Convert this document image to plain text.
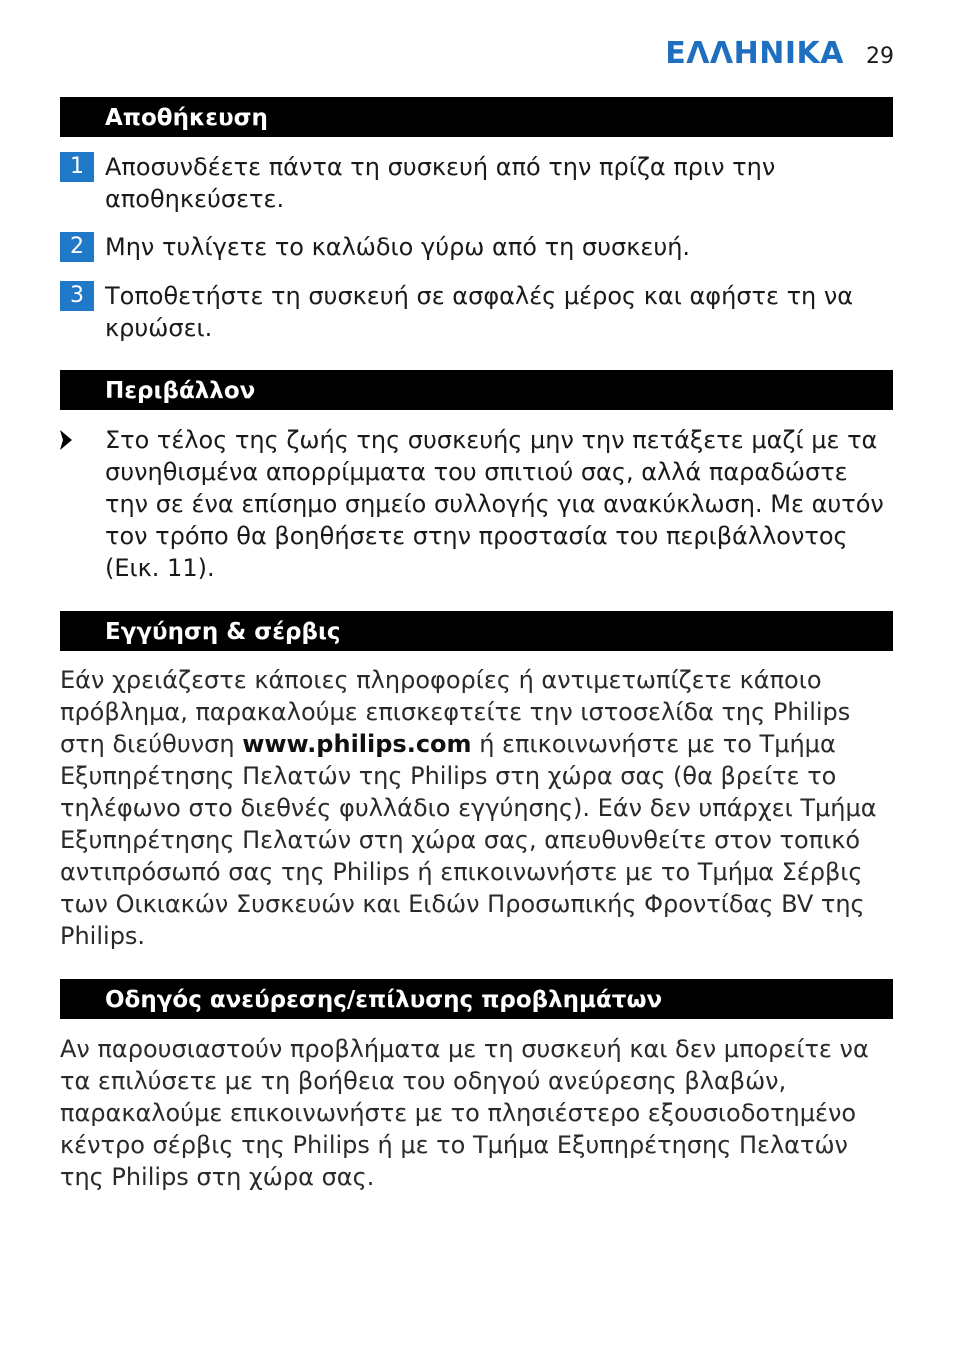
ΕΛΛΗΝΙΚΑ 29
Αποθήκευση
1 Αποσυνδέετε πάντα τη συσκευή από την πρίζα πριν την αποθηκεύσετε.
2 Μην τυλίγετε το καλώδιο γύρω από τη συσκευή.
3 Τοποθετήστε τη συσκευή σε ασφαλές μέρος και αφήστε τη να κρυώσει.
Περιβάλλον
Στο τέλος της ζωής της συσκευής μην την πετάξετε μαζί με τα συνηθισμένα απορρίμματα του σπιτιού σας, αλλά παραδώστε την σε ένα επίσημο σημείο συλλογής για ανακύκλωση. Με αυτόν τον τρόπο θα βοηθήσετε στην προστασία του περιβάλλοντος (Εικ. 11).
Εγγύηση & σέρβις
Εάν χρειάζεστε κάποιες πληροφορίες ή αντιμετωπίζετε κάποιο πρόβλημα, παρακαλούμε επισκεφτείτε την ιστοσελίδα της Philips στη διεύθυνση www.philips.com ή επικοινωνήστε με το Τμήμα Εξυπηρέτησης Πελατών της Philips στη χώρα σας (θα βρείτε το τηλέφωνο στο διεθνές φυλλάδιο εγγύησης). Εάν δεν υπάρχει Τμήμα Εξυπηρέτησης Πελατών στη χώρα σας, απευθυνθείτε στον τοπικό αντιπρόσωπό σας της Philips ή επικοινωνήστε με το Τμήμα Σέρβις των Οικιακών Συσκευών και Ειδών Προσωπικής Φροντίδας BV της Philips.
Οδηγός ανεύρεσης/επίλυσης προβλημάτων
Αν παρουσιαστούν προβλήματα με τη συσκευή και δεν μπορείτε να τα επιλύσετε με τη βοήθεια του οδηγού ανεύρεσης βλαβών, παρακαλούμε επικοινωνήστε με το πλησιέστερο εξουσιοδοτημένο κέντρο σέρβις της Philips ή με το Τμήμα Εξυπηρέτησης Πελατών της Philips στη χώρα σας.
